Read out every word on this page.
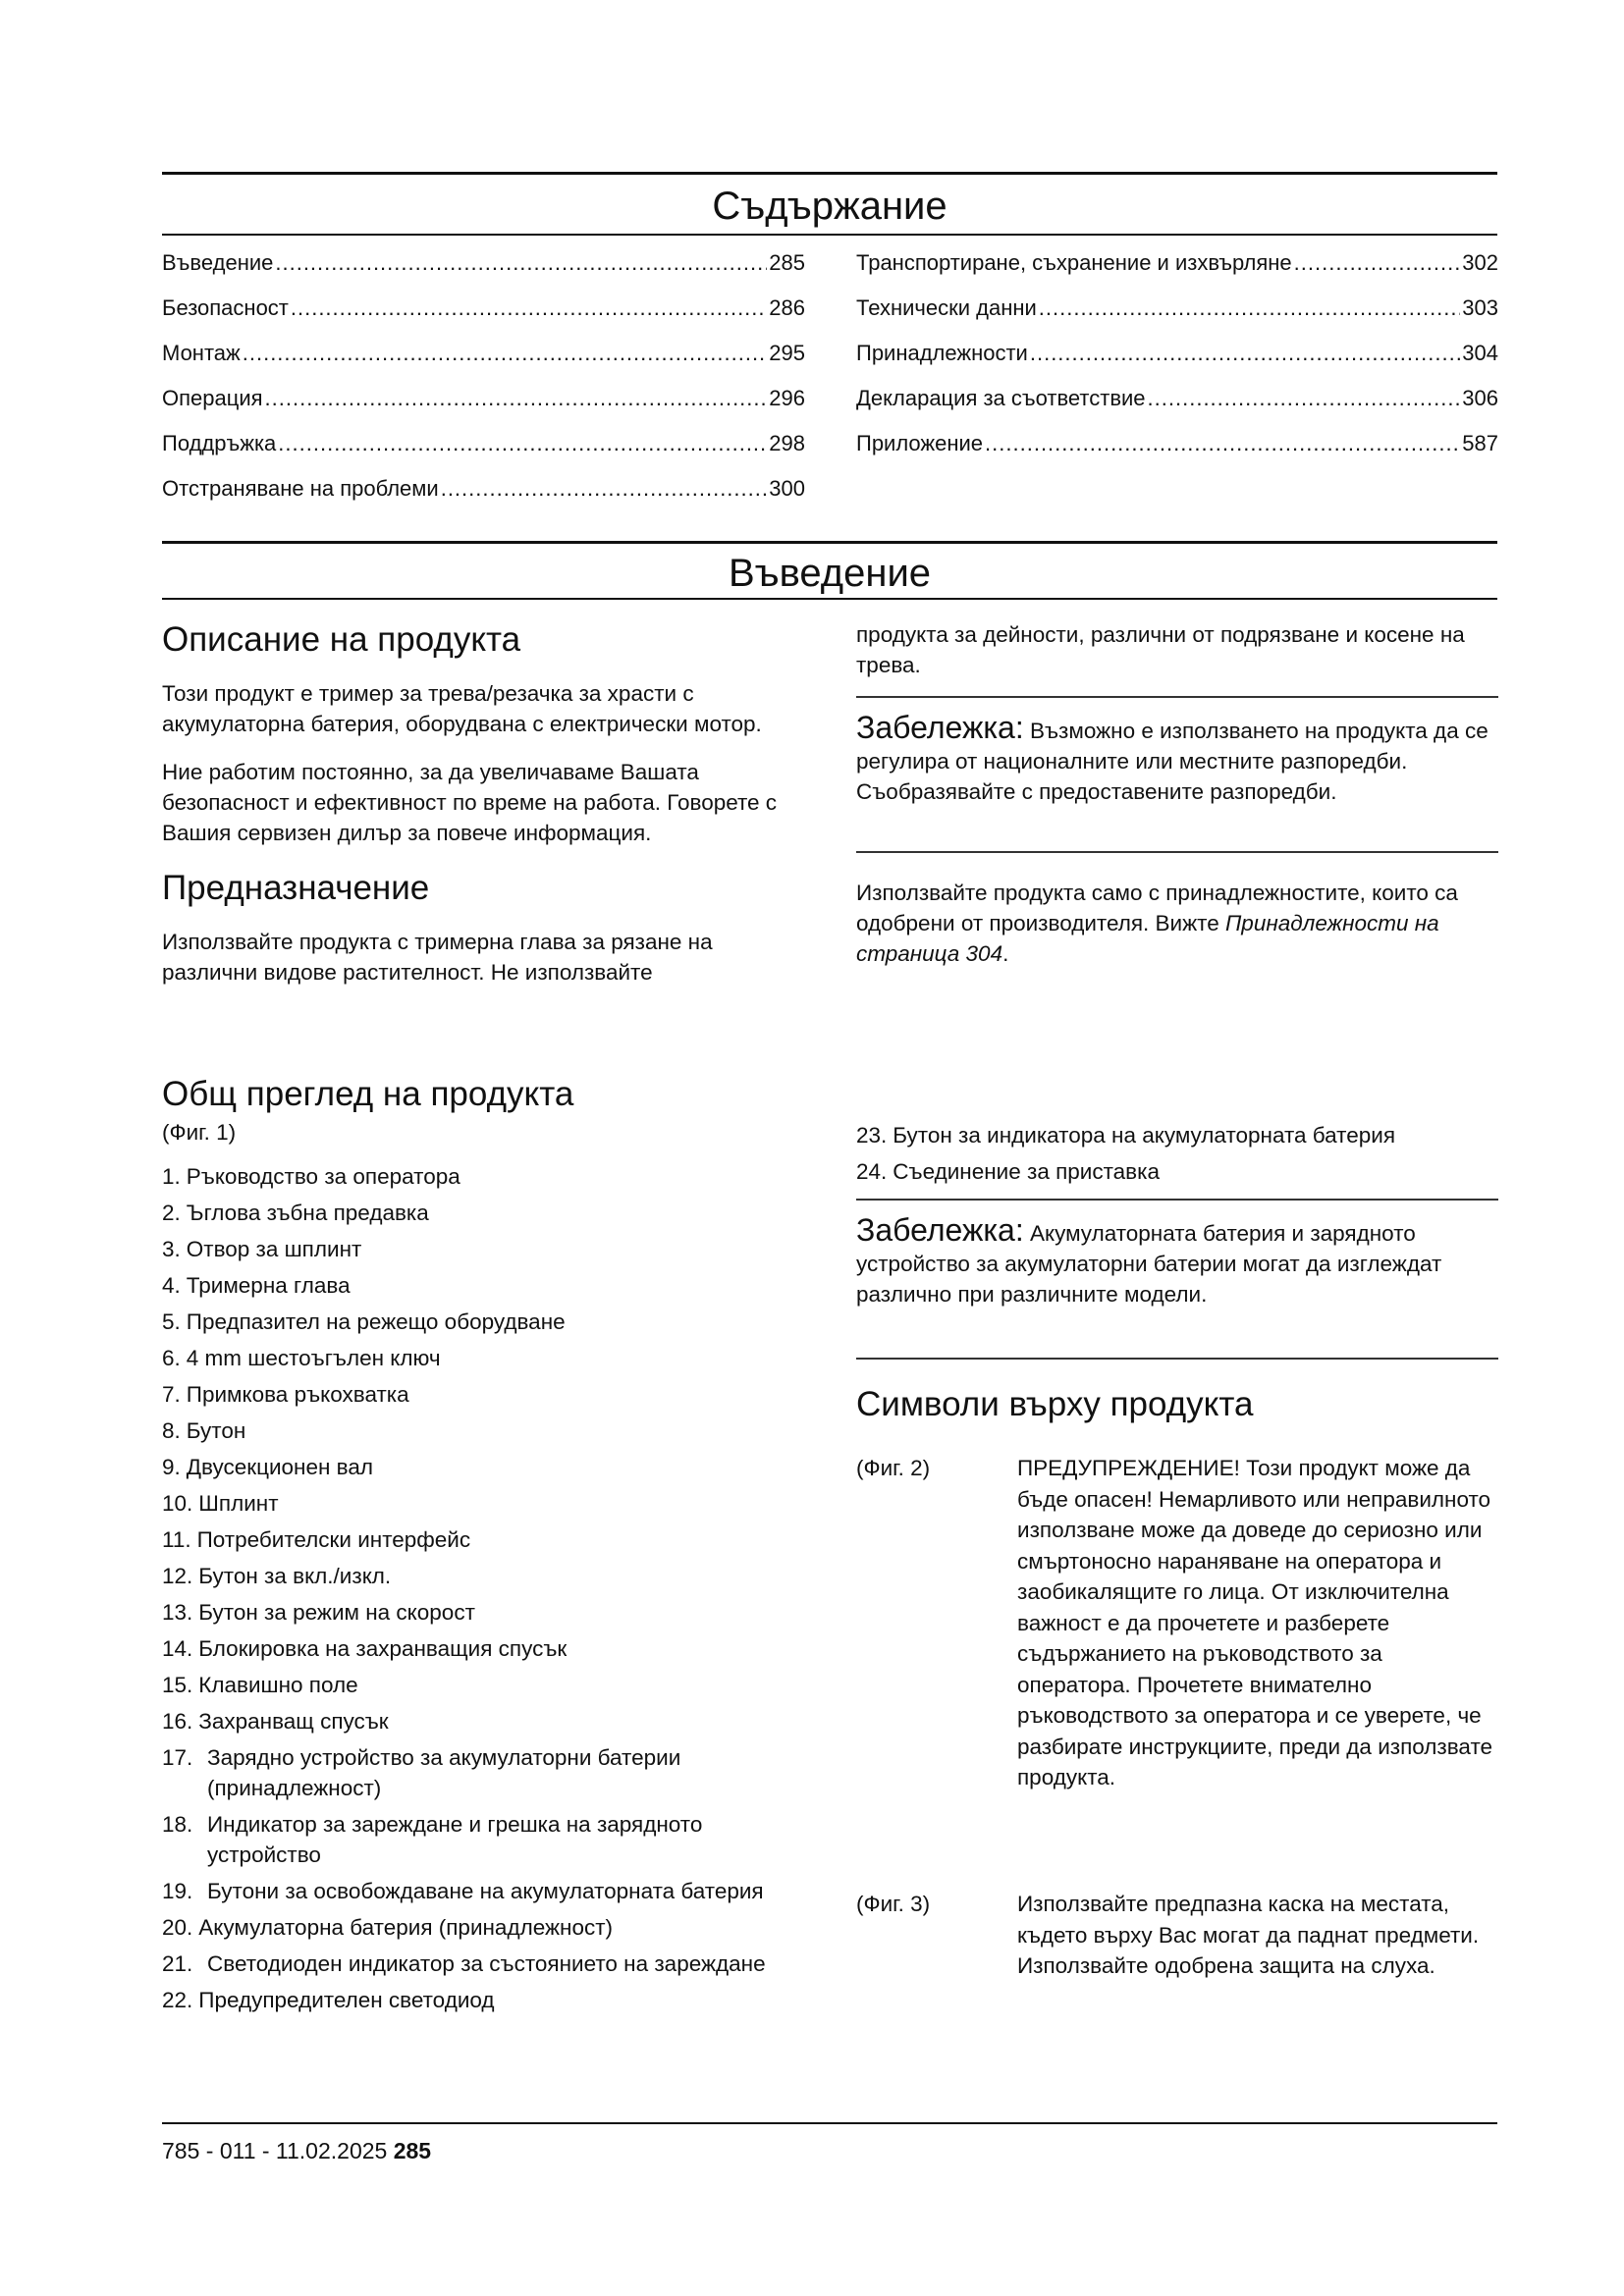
Съдържание
Въведение .....	285
Безопасност .....	286
Монтаж .....	295
Операция .....	296
Поддръжка .....	298
Отстраняване на проблеми .....	300
Транспортиране, съхранение и изхвърляне .....	302
Технически данни .....	303
Принадлежности .....	304
Декларация за съответствие .....	306
Приложение .....	587
Въведение
Описание на продукта

Този продукт е тример за трева/резачка за храсти с акумулаторна батерия, оборудвана с електрически мотор.

Ние работим постоянно, за да увеличаваме Вашата безопасност и ефективност по време на работа. Говорете с Вашия сервизен дилър за повече информация.

Предназначение

Използвайте продукта с тримерна глава за рязане на различни видове растителност. Не използвайте

продукта за дейности, различни от подрязване и косене на трева.

Забележка: Възможно е използването на продукта да се регулира от националните или местните разпоредби. Съобразявайте с предоставените разпоредби.

Използвайте продукта само с принадлежностите, които са одобрени от производителя. Вижте Принадлежности на страница 304.

Общ преглед на продукта

(Фиг. 1)

1. Ръководство за оператора
2. Ъглова зъбна предавка
3. Отвор за шплинт
4. Тримерна глава
5. Предпазител на режещо оборудване
6. 4 mm шестоъгълен ключ
7. Примкова ръкохватка
8. Бутон
9. Двусекционен вал
10. Шплинт
11. Потребителски интерфейс
12. Бутон за вкл./изкл.
13. Бутон за режим на скорост
14. Блокировка на захранващия спусък
15. Клавишно поле
16. Захранващ спусък
17. Зарядно устройство за акумулаторни батерии (принадлежност)
18. Индикатор за зареждане и грешка на зарядното устройство
19. Бутони за освобождаване на акумулаторната батерия
20. Акумулаторна батерия (принадлежност)
21. Светодиоден индикатор за състоянието на зареждане
22. Предупредителен светодиод
23. Бутон за индикатора на акумулаторната батерия
24. Съединение за приставка

Забележка: Акумулаторната батерия и зарядното устройство за акумулаторни батерии могат да изглеждат различно при различните модели.

Символи върху продукта
(Фиг. 2)	ПРЕДУПРЕЖДЕНИЕ! Този продукт може да бъде опасен! Немарливото или неправилното използване може да доведе до сериозно или смъртоносно нараняване на оператора и заобикалящите го лица. От изключителна важност е да прочетете и разберете съдържанието на ръководството за оператора. Прочетете внимателно ръководството за оператора и се уверете, че разбирате инструкциите, преди да използвате продукта.
(Фиг. 3)	Използвайте предпазна каска на местата, където върху Вас могат да паднат предмети. Използвайте одобрена защита на слуха.
785 - 011 - 11.02.2025 285
